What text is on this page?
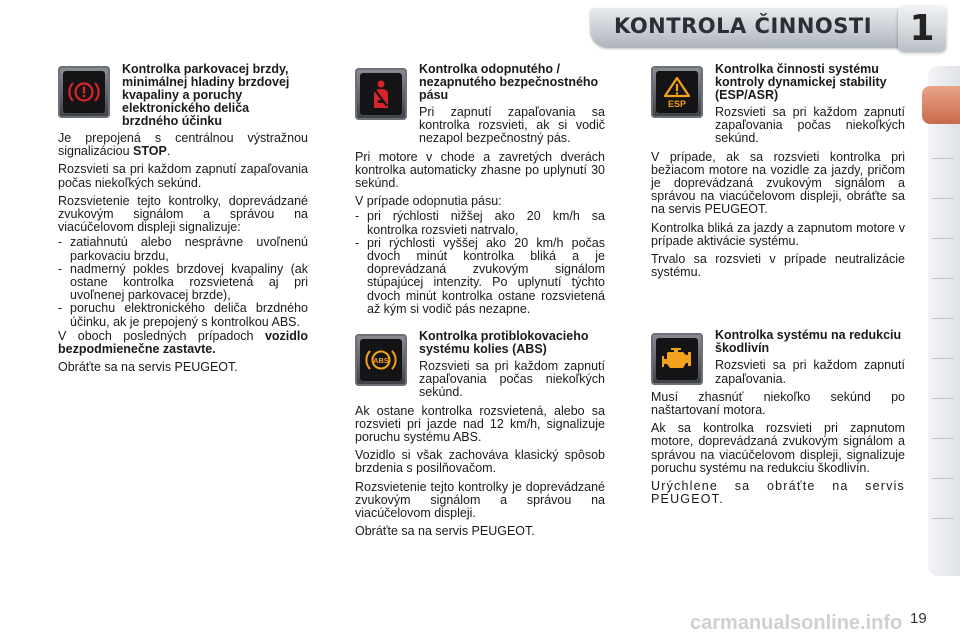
KONTROLA ČINNOSTI	1
Kontrolka parkovacej brzdy, minimálnej hladiny brzdovej kvapaliny a poruchy elektronického deliča brzdného účinku

Je prepojená s centrálnou výstražnou signalizáciou STOP.

Rozsvieti sa pri každom zapnutí zapaľovania počas niekoľkých sekúnd.

Rozsvietenie tejto kontrolky, doprevádzané zvukovým signálom a správou na viacúčelovom displeji signalizuje:

- zatiahnutú alebo nesprávne uvoľnenú parkovaciu brzdu,
- nadmerný pokles brzdovej kvapaliny (ak ostane kontrolka rozsvietená aj pri uvoľnenej parkovacej brzde),
- poruchu elektronického deliča brzdného účinku, ak je prepojený s kontrolkou ABS.

V oboch posledných prípadoch vozidlo bezpodmienečne zastavte.

Obráťte sa na servis PEUGEOT.

Kontrolka odopnutého / nezapnutého bezpečnostného pásu
Pri zapnutí zapaľovania sa kontrolka rozsvieti, ak si vodič nezapol bezpečnostný pás.

Pri motore v chode a zavretých dverách kontrolka automaticky zhasne po uplynutí 30 sekúnd.

V prípade odopnutia pásu:

- pri rýchlosti nižšej ako 20 km/h sa kontrolka rozsvieti natrvalo,
- pri rýchlosti vyššej ako 20 km/h počas dvoch minút kontrolka bliká a je doprevádzaná zvukovým signálom stúpajúcej intenzity. Po uplynutí týchto dvoch minút kontrolka ostane rozsvietená až kým si vodič pás nezapne.
ABS
Kontrolka protiblokovacieho systému kolies (ABS)
Rozsvieti sa pri každom zapnutí zapaľovania počas niekoľkých sekúnd.

Ak ostane kontrolka rozsvietená, alebo sa rozsvieti pri jazde nad 12 km/h, signalizuje poruchu systému ABS.

Vozidlo si však zachováva klasický spôsob brzdenia s posilňovačom.

Rozsvietenie tejto kontrolky je doprevádzané zvukovým signálom a správou na viacúčelovom displeji.

Obráťte sa na servis PEUGEOT.

ESP
Kontrolka činnosti systému kontroly dynamickej stability (ESP/ASR)
Rozsvieti sa pri každom zapnutí zapaľovania počas niekoľkých sekúnd.

V prípade, ak sa rozsvieti kontrolka pri bežiacom motore na vozidle za jazdy, pričom je doprevádzaná zvukovým signálom a správou na viacúčelovom displeji, obráťte sa na servis PEUGEOT.

Kontrolka bliká za jazdy a zapnutom motore v prípade aktivácie systému.

Trvalo sa rozsvieti v prípade neutralizácie systému.

Kontrolka systému na redukciu škodlivín
Rozsvieti sa pri každom zapnutí zapaľovania.

Musí zhasnúť niekoľko sekúnd po naštartovaní motora.

Ak sa kontrolka rozsvieti pri zapnutom motore, doprevádzaná zvukovým signálom a správou na viacúčelovom displeji, signalizuje poruchu systému na redukciu škodlivín.

Urýchlene sa obráťte na servis PEUGEOT.

carmanualsonline.info 19
